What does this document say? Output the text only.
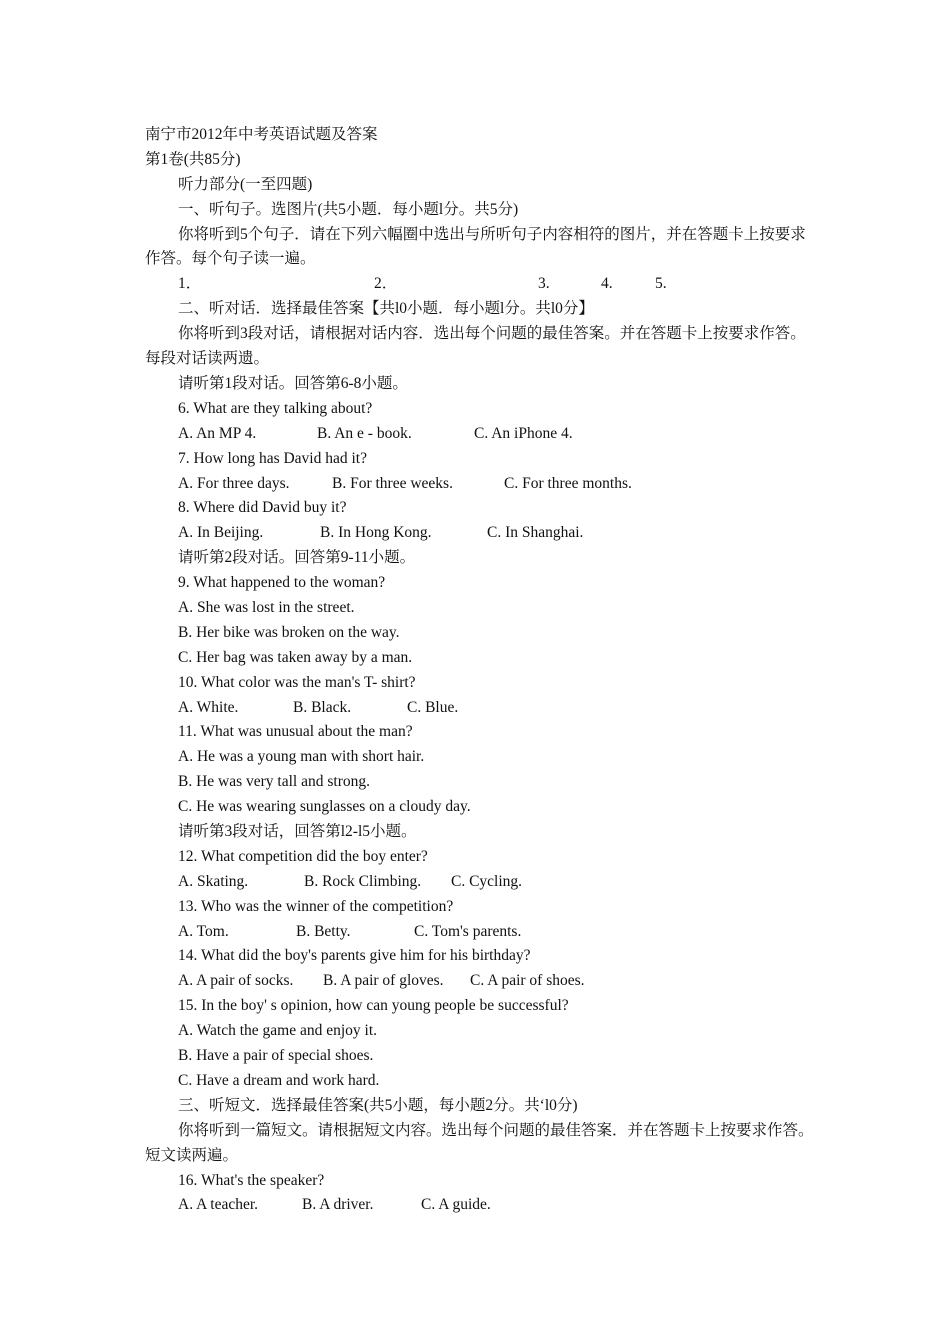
南宁市2012年中考英语试题及答案
第1卷(共85分)
听力部分(一至四题)
一、听句子。选图片(共5小题．每小题l分。共5分)
你将听到5个句子．请在下列六幅圈中选出与所听句子内容相符的图片，并在答题卡上按要求作答。每个句子读一遍。
1．	2．	3.	4.	5.
二、听对话．选择最佳答案【共l0小题．每小题l分。共l0分】
你将听到3段对话，请根据对话内容．选出每个问题的最佳答案。并在答题卡上按要求作答。每段对话读两遗。
请听第1段对话。回答第6-8小题。
6. What are they talking about?
A. An MP 4.	B. An e - book.	C. An iPhone 4.
7. How long has David had it?
A. For three days.	B. For three weeks.	C. For three months.
8. Where did David buy it?
A. In Beijing.	B. In Hong Kong.	C. In Shanghai.
请听第2段对话。回答第9-11小题。
9. What happened to the woman?
A. She was lost in the street.
B. Her bike was broken on the way.
C. Her bag was taken away by a man.
10. What color was the man's T- shirt?
A. White.	B. Black.	C. Blue.
11. What was unusual about the man?
A. He was a young man with short hair.
B. He was very tall and strong.
C. He was wearing sunglasses on a cloudy day.
请听第3段对话，回答第l2-l5小题。
12. What competition did the boy enter?
A. Skating.	B. Rock Climbing. C. Cycling.
13. Who was the winner of the competition?
A. Tom.	B. Betty.	C. Tom's parents.
14. What did the boy's parents give him for his birthday?
A. A pair of socks. B. A pair of gloves. C. A pair of shoes.
15. In the boy' s opinion, how can young people be successful?
A. Watch the game and enjoy it.
B. Have a pair of special shoes.
C. Have a dream and work hard.
三、听短文．选择最佳答案(共5小题，每小题2分。共‘l0分)
你将听到一篇短文。请根据短文内容。选出每个问题的最佳答案．并在答题卡上按要求作答。短文读两遍。
16. What's the speaker?
A. A teacher.	B. A driver.	C. A guide.
